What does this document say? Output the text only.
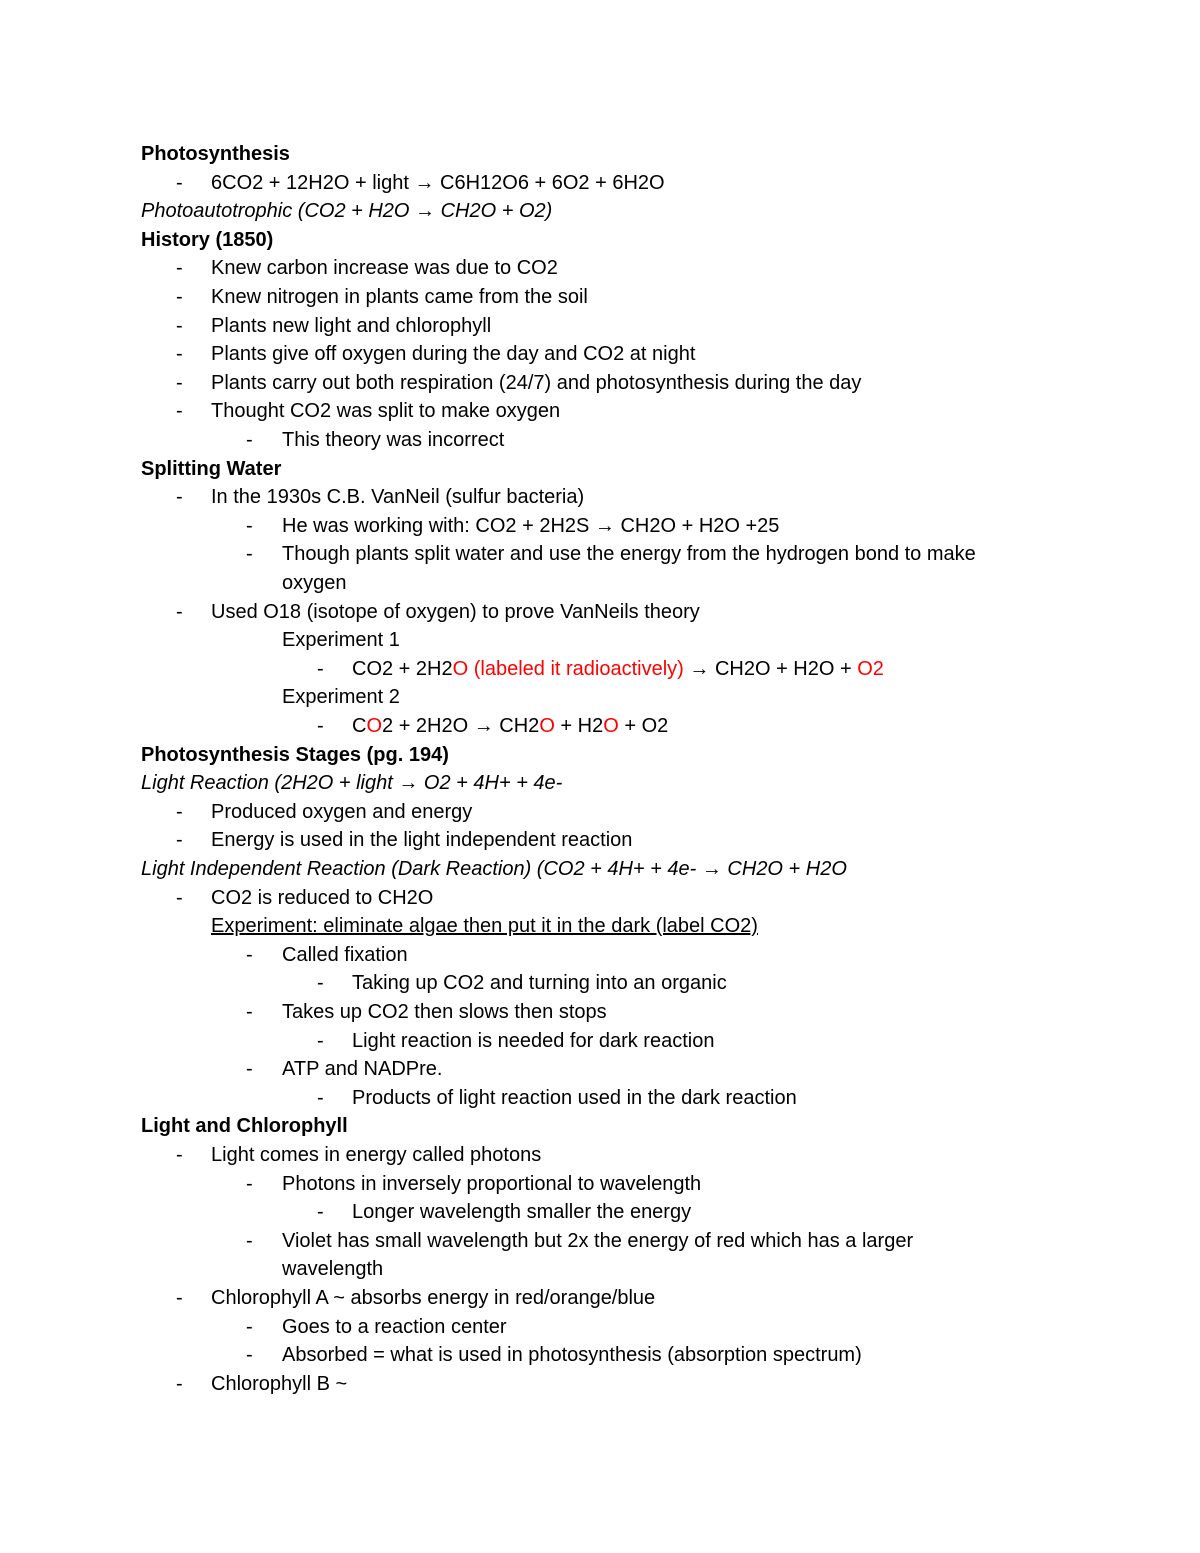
Photosynthesis
- 6CO2 + 12H2O + light → C6H12O6 + 6O2 + 6H2O
Photoautotrophic (CO2 + H2O → CH2O + O2)
History (1850)
- Knew carbon increase was due to CO2
- Knew nitrogen in plants came from the soil
- Plants new light and chlorophyll
- Plants give off oxygen during the day and CO2 at night
- Plants carry out both respiration (24/7) and photosynthesis during the day
- Thought CO2 was split to make oxygen
- This theory was incorrect
Splitting Water
- In the 1930s C.B. VanNeil (sulfur bacteria)
- He was working with: CO2 + 2H2S → CH2O + H2O +25
- Though plants split water and use the energy from the hydrogen bond to make
oxygen
- Used O18 (isotope of oxygen) to prove VanNeils theory
Experiment 1
- CO2 + 2H2O (labeled it radioactively) → CH2O + H2O + O2
Experiment 2
- CO2 + 2H2O → CH2O + H2O + O2
Photosynthesis Stages (pg. 194)
Light Reaction (2H2O + light → O2 + 4H+ + 4e-
- Produced oxygen and energy
- Energy is used in the light independent reaction
Light Independent Reaction (Dark Reaction) (CO2 + 4H+ + 4e- → CH2O + H2O
- CO2 is reduced to CH2O
Experiment: eliminate algae then put it in the dark (label CO2)
- Called fixation
- Taking up CO2 and turning into an organic
- Takes up CO2 then slows then stops
- Light reaction is needed for dark reaction
- ATP and NADPre.
- Products of light reaction used in the dark reaction
Light and Chlorophyll
- Light comes in energy called photons
- Photons in inversely proportional to wavelength
- Longer wavelength smaller the energy
- Violet has small wavelength but 2x the energy of red which has a larger
wavelength
- Chlorophyll A ~ absorbs energy in red/orange/blue
- Goes to a reaction center
- Absorbed = what is used in photosynthesis (absorption spectrum)
- Chlorophyll B ~
